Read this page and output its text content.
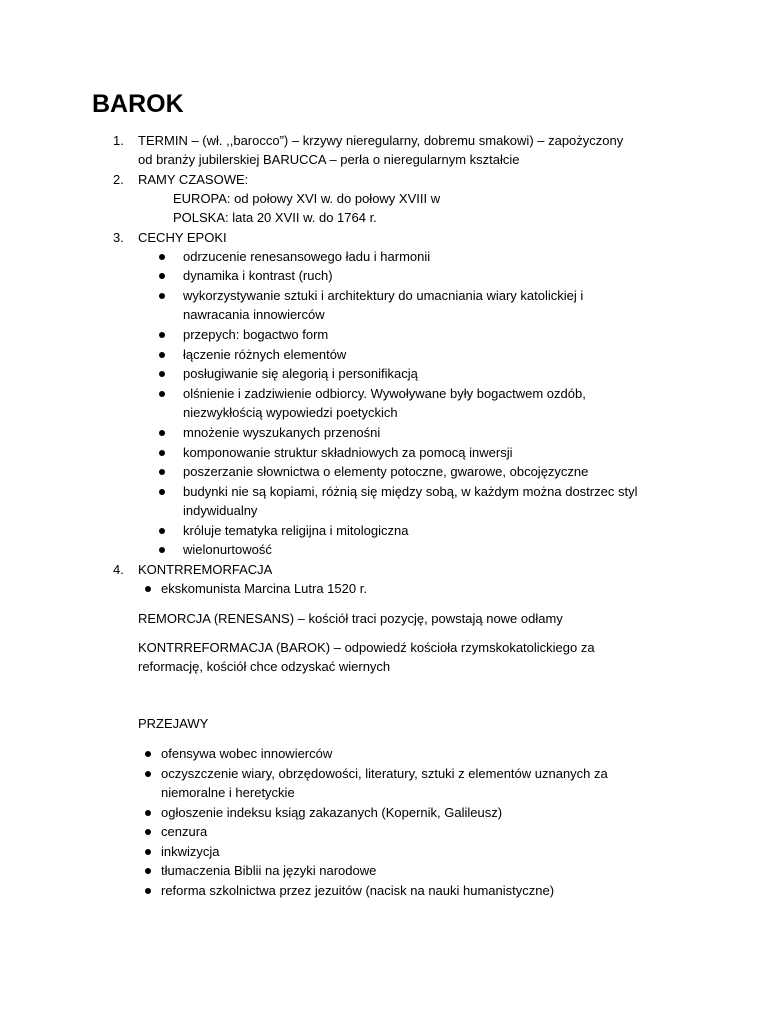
BAROK
1. TERMIN – (wł. ,,barocco”) – krzywy nieregularny, dobremu smakowi) – zapożyczony
od branży jubilerskiej BARUCCA – perła o nieregularnym kształcie
2. RAMY CZASOWE:
EUROPA: od połowy XVI w. do połowy XVIII w
POLSKA: lata 20 XVII w. do 1764 r.
3. CECHY EPOKI
odrzucenie renesansowego ładu i harmonii
dynamika i kontrast (ruch)
wykorzystywanie sztuki i architektury do umacniania wiary katolickiej i
nawracania innowierców
przepych: bogactwo form
łączenie różnych elementów
posługiwanie się alegorią i personifikacją
olśnienie i zadziwienie odbiorcy. Wywoływane były bogactwem ozdób,
niezwykłością wypowiedzi poetyckich
mnożenie wyszukanych przenośni
komponowanie struktur składniowych za pomocą inwersji
poszerzanie słownictwa o elementy potoczne, gwarowe, obcojęzyczne
budynki nie są kopiami, różnią się między sobą, w każdym można dostrzec styl
indywidualny
króluje tematyka religijna i mitologiczna
wielonurtowość
4. KONTRREMORFACJA
ekskomunista Marcina Lutra 1520 r.
REMORCJA (RENESANS) – kościół traci pozycję, powstają nowe odłamy
KONTRREFORMACJA (BAROK) – odpowiedź kościoła rzymskokatolickiego za
reformację, kościół chce odzyskać wiernych
PRZEJAWY
ofensywa wobec innowierców
oczyszczenie wiary, obrzędowości, literatury, sztuki z elementów uznanych za
niemoralne i heretyckie
ogłoszenie indeksu ksiąg zakazanych (Kopernik, Galileusz)
cenzura
inkwizycja
tłumaczenia Biblii na języki narodowe
reforma szkolnictwa przez jezuitów (nacisk na nauki humanistyczne)
